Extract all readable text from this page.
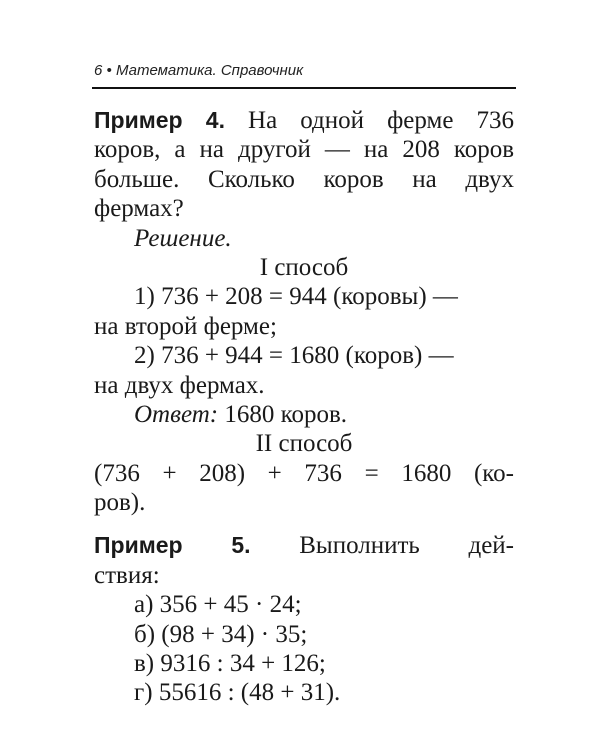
6 • Математика. Справочник
Пример 4. На одной ферме 736
коров, а на другой — на 208 коров
больше. Сколько коров на двух
фермах?
Решение.
I способ
1) 736 + 208 = 944 (коровы) —
на второй ферме;
2) 736 + 944 = 1680 (коров) —
на двух фермах.
Ответ: 1680 коров.
II способ
(736 + 208) + 736 = 1680 (ко-
ров).
Пример 5. Выполнить дей-
ствия:
а) 356 + 45 · 24;
б) (98 + 34) · 35;
в) 9316 : 34 + 126;
г) 55616 : (48 + 31).
